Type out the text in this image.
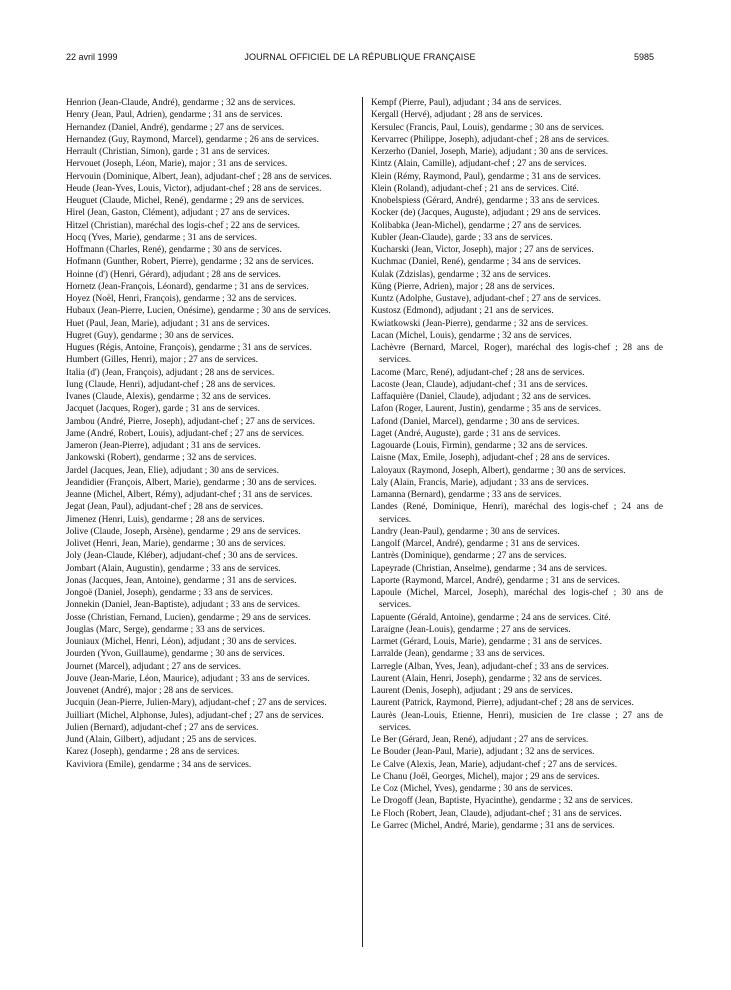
22 avril 1999	JOURNAL OFFICIEL DE LA RÉPUBLIQUE FRANÇAISE	5985
Henrion (Jean-Claude, André), gendarme ; 32 ans de services.
Henry (Jean, Paul, Adrien), gendarme ; 31 ans de services.
Hernandez (Daniel, André), gendarme ; 27 ans de services.
Hernandez (Guy, Raymond, Marcel), gendarme ; 26 ans de services.
Herrault (Christian, Simon), garde ; 31 ans de services.
Hervouet (Joseph, Léon, Marie), major ; 31 ans de services.
Hervouin (Dominique, Albert, Jean), adjudant-chef ; 28 ans de services.
Heude (Jean-Yves, Louis, Victor), adjudant-chef ; 28 ans de services.
Heuguet (Claude, Michel, René), gendarme ; 29 ans de services.
Hirel (Jean, Gaston, Clément), adjudant ; 27 ans de services.
Hitzel (Christian), maréchal des logis-chef ; 22 ans de services.
Hocq (Yves, Marie), gendarme ; 31 ans de services.
Hoffmann (Charles, René), gendarme ; 30 ans de services.
Hofmann (Gunther, Robert, Pierre), gendarme ; 32 ans de services.
Hoinne (d') (Henri, Gérard), adjudant ; 28 ans de services.
Hornetz (Jean-François, Léonard), gendarme ; 31 ans de services.
Hoyez (Noël, Henri, François), gendarme ; 32 ans de services.
Hubaux (Jean-Pierre, Lucien, Onésime), gendarme ; 30 ans de services.
Huet (Paul, Jean, Marie), adjudant ; 31 ans de services.
Hugret (Guy), gendarme ; 30 ans de services.
Hugues (Régis, Antoine, François), gendarme ; 31 ans de services.
Humbert (Gilles, Henri), major ; 27 ans de services.
Italia (d') (Jean, François), adjudant ; 28 ans de services.
Iung (Claude, Henri), adjudant-chef ; 28 ans de services.
Ivanes (Claude, Alexis), gendarme ; 32 ans de services.
Jacquet (Jacques, Roger), garde ; 31 ans de services.
Jambou (André, Pierre, Joseph), adjudant-chef ; 27 ans de services.
Jame (André, Robert, Louis), adjudant-chef ; 27 ans de services.
Jameron (Jean-Pierre), adjudant ; 31 ans de services.
Jankowski (Robert), gendarme ; 32 ans de services.
Jardel (Jacques, Jean, Elie), adjudant ; 30 ans de services.
Jeandidier (François, Albert, Marie), gendarme ; 30 ans de services.
Jeanne (Michel, Albert, Rémy), adjudant-chef ; 31 ans de services.
Jegat (Jean, Paul), adjudant-chef ; 28 ans de services.
Jimenez (Henri, Luis), gendarme ; 28 ans de services.
Jolive (Claude, Joseph, Arsène), gendarme ; 29 ans de services.
Jolivet (Henri, Jean, Marie), gendarme ; 30 ans de services.
Joly (Jean-Claude, Kléber), adjudant-chef ; 30 ans de services.
Jombart (Alain, Augustin), gendarme ; 33 ans de services.
Jonas (Jacques, Jean, Antoine), gendarme ; 31 ans de services.
Jongoë (Daniel, Joseph), gendarme ; 33 ans de services.
Jonnekin (Daniel, Jean-Baptiste), adjudant ; 33 ans de services.
Josse (Christian, Fernand, Lucien), gendarme ; 29 ans de services.
Jouglas (Marc, Serge), gendarme ; 33 ans de services.
Jouniaux (Michel, Henri, Léon), adjudant ; 30 ans de services.
Jourden (Yvon, Guillaume), gendarme ; 30 ans de services.
Journet (Marcel), adjudant ; 27 ans de services.
Jouve (Jean-Marie, Léon, Maurice), adjudant ; 33 ans de services.
Jouvenet (André), major ; 28 ans de services.
Jucquin (Jean-Pierre, Julien-Mary), adjudant-chef ; 27 ans de services.
Juilliart (Michel, Alphonse, Jules), adjudant-chef ; 27 ans de services.
Julien (Bernard), adjudant-chef ; 27 ans de services.
Jund (Alain, Gilbert), adjudant ; 25 ans de services.
Karez (Joseph), gendarme ; 28 ans de services.
Kaviviora (Emile), gendarme ; 34 ans de services.
Kempf (Pierre, Paul), adjudant ; 34 ans de services.
Kergall (Hervé), adjudant ; 28 ans de services.
Kersulec (Francis, Paul, Louis), gendarme ; 30 ans de services.
Kervarrec (Philippe, Joseph), adjudant-chef ; 28 ans de services.
Kerzerho (Daniel, Joseph, Marie), adjudant ; 30 ans de services.
Kintz (Alain, Camille), adjudant-chef ; 27 ans de services.
Klein (Rémy, Raymond, Paul), gendarme ; 31 ans de services.
Klein (Roland), adjudant-chef ; 21 ans de services. Cité.
Knobelspiess (Gérard, André), gendarme ; 33 ans de services.
Kocker (de) (Jacques, Auguste), adjudant ; 29 ans de services.
Kolibabka (Jean-Michel), gendarme ; 27 ans de services.
Kubler (Jean-Claude), garde ; 33 ans de services.
Kucharski (Jean, Victor, Joseph), major ; 27 ans de services.
Kuchmac (Daniel, René), gendarme ; 34 ans de services.
Kulak (Zdzislas), gendarme ; 32 ans de services.
Küng (Pierre, Adrien), major ; 28 ans de services.
Kuntz (Adolphe, Gustave), adjudant-chef ; 27 ans de services.
Kustosz (Edmond), adjudant ; 21 ans de services.
Kwiatkowski (Jean-Pierre), gendarme ; 32 ans de services.
Lacan (Michel, Louis), gendarme ; 32 ans de services.
Lachèvre (Bernard, Marcel, Roger), maréchal des logis-chef ; 28 ans de services.
Lacome (Marc, René), adjudant-chef ; 28 ans de services.
Lacoste (Jean, Claude), adjudant-chef ; 31 ans de services.
Laffaquière (Daniel, Claude), adjudant ; 32 ans de services.
Lafon (Roger, Laurent, Justin), gendarme ; 35 ans de services.
Lafond (Daniel, Marcel), gendarme ; 30 ans de services.
Laget (André, Auguste), garde ; 31 ans de services.
Lagouarde (Louis, Firmin), gendarme ; 32 ans de services.
Laisne (Max, Emile, Joseph), adjudant-chef ; 28 ans de services.
Laloyaux (Raymond, Joseph, Albert), gendarme ; 30 ans de services.
Laly (Alain, Francis, Marie), adjudant ; 33 ans de services.
Lamanna (Bernard), gendarme ; 33 ans de services.
Landes (René, Dominique, Henri), maréchal des logis-chef ; 24 ans de services.
Landry (Jean-Paul), gendarme ; 30 ans de services.
Langolf (Marcel, André), gendarme ; 31 ans de services.
Lantrès (Dominique), gendarme ; 27 ans de services.
Lapeyrade (Christian, Anselme), gendarme ; 34 ans de services.
Laporte (Raymond, Marcel, André), gendarme ; 31 ans de services.
Lapoule (Michel, Marcel, Joseph), maréchal des logis-chef ; 30 ans de services.
Lapuente (Gérald, Antoine), gendarme ; 24 ans de services. Cité.
Laraigne (Jean-Louis), gendarme ; 27 ans de services.
Larmet (Gérard, Louis, Marie), gendarme ; 31 ans de services.
Larralde (Jean), gendarme ; 33 ans de services.
Larregle (Alban, Yves, Jean), adjudant-chef ; 33 ans de services.
Laurent (Alain, Henri, Joseph), gendarme ; 32 ans de services.
Laurent (Denis, Joseph), adjudant ; 29 ans de services.
Laurent (Patrick, Raymond, Pierre), adjudant-chef ; 28 ans de services.
Laurès (Jean-Louis, Etienne, Henri), musicien de 1re classe ; 27 ans de services.
Le Ber (Gérard, Jean, René), adjudant ; 27 ans de services.
Le Bouder (Jean-Paul, Marie), adjudant ; 32 ans de services.
Le Calve (Alexis, Jean, Marie), adjudant-chef ; 27 ans de services.
Le Chanu (Joël, Georges, Michel), major ; 29 ans de services.
Le Coz (Michel, Yves), gendarme ; 30 ans de services.
Le Drogoff (Jean, Baptiste, Hyacinthe), gendarme ; 32 ans de services.
Le Floch (Robert, Jean, Claude), adjudant-chef ; 31 ans de services.
Le Garrec (Michel, André, Marie), gendarme ; 31 ans de services.
